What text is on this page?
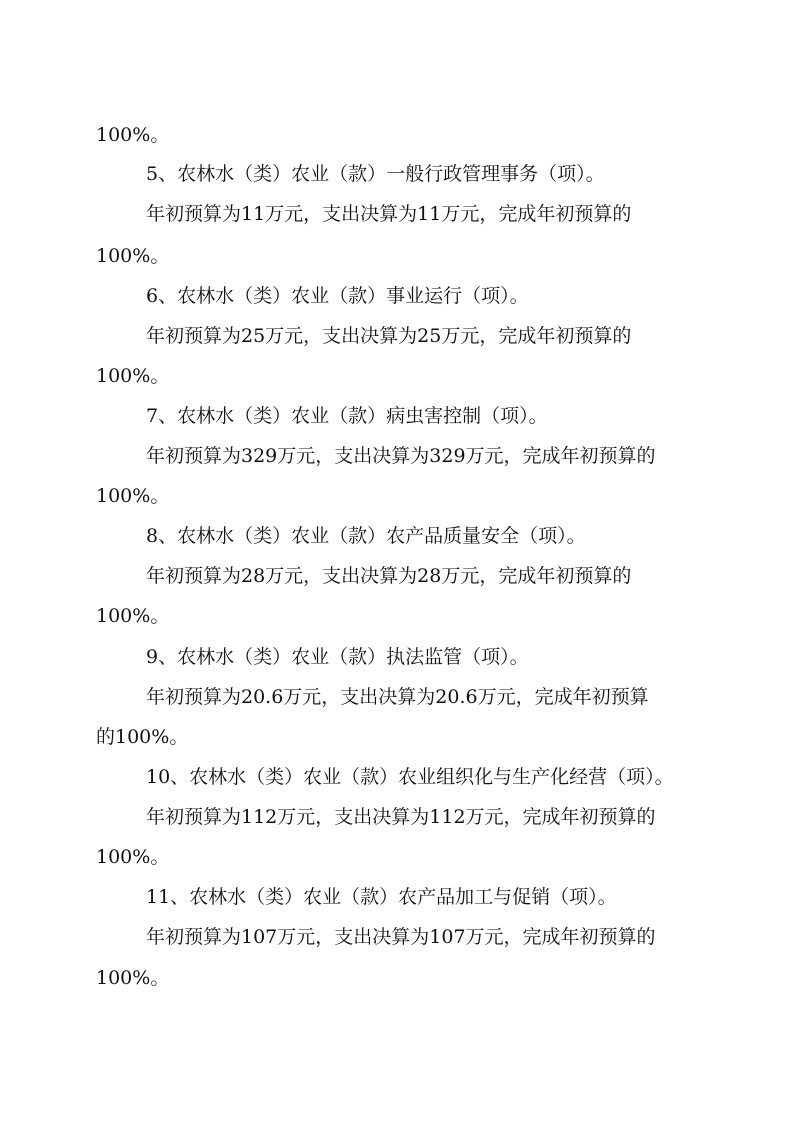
100%。
5、农林水（类）农业（款）一般行政管理事务（项）。
年初预算为11万元，支出决算为11万元，完成年初预算的
100%。
6、农林水（类）农业（款）事业运行（项）。
年初预算为25万元，支出决算为25万元，完成年初预算的
100%。
7、农林水（类）农业（款）病虫害控制（项）。
年初预算为329万元，支出决算为329万元，完成年初预算的
100%。
8、农林水（类）农业（款）农产品质量安全（项）。
年初预算为28万元，支出决算为28万元，完成年初预算的
100%。
9、农林水（类）农业（款）执法监管（项）。
年初预算为20.6万元，支出决算为20.6万元，完成年初预算
的100%。
10、农林水（类）农业（款）农业组织化与生产化经营（项）。
年初预算为112万元，支出决算为112万元，完成年初预算的
100%。
11、农林水（类）农业（款）农产品加工与促销（项）。
年初预算为107万元，支出决算为107万元，完成年初预算的
100%。
